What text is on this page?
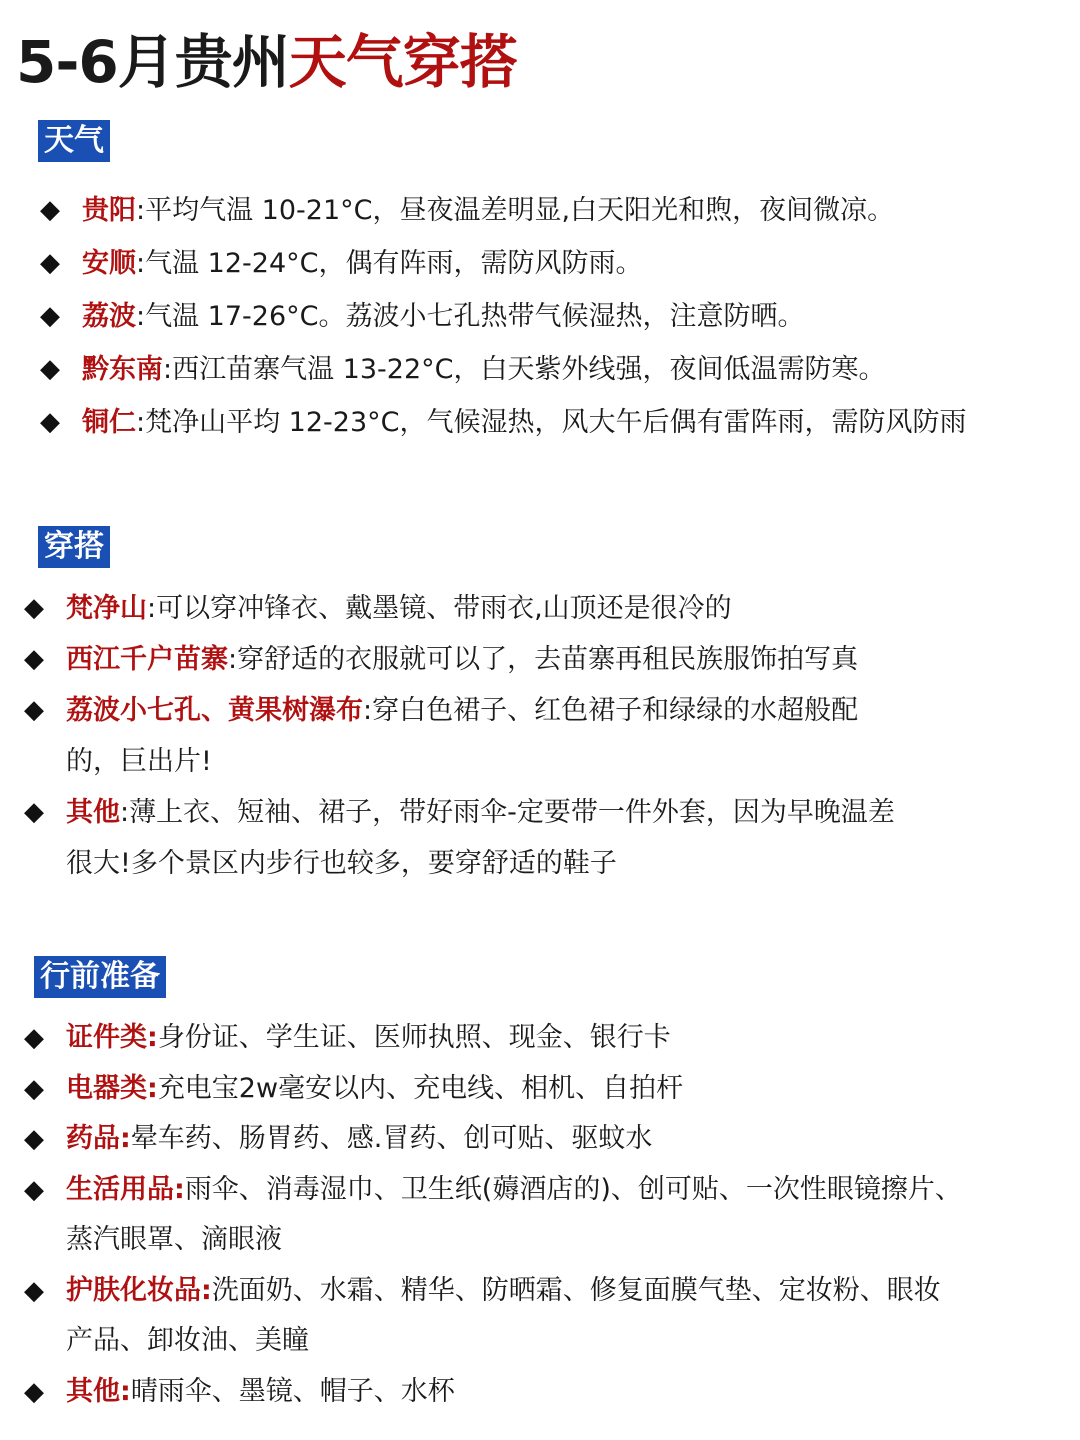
5-6月贵州天气穿搭
天气
◆ 贵阳:平均气温 10-21°C，昼夜温差明显,白天阳光和煦，夜间微凉。
◆ 安顺:气温 12-24°C，偶有阵雨，需防风防雨。
◆ 荔波:气温 17-26°C。荔波小七孔热带气候湿热，注意防晒。
◆ 黔东南:西江苗寨气温 13-22°C，白天紫外线强，夜间低温需防寒。
◆ 铜仁:梵净山平均 12-23°C，气候湿热，风大午后偶有雷阵雨，需防风防雨
穿搭
◆ 梵净山:可以穿冲锋衣、戴墨镜、带雨衣,山顶还是很冷的
◆ 西江千户苗寨:穿舒适的衣服就可以了，去苗寨再租民族服饰拍写真
◆ 荔波小七孔、黄果树瀑布:穿白色裙子、红色裙子和绿绿的水超般配
的，巨出片!
◆ 其他:薄上衣、短袖、裙子，带好雨伞-定要带一件外套，因为早晚温差
很大!多个景区内步行也较多，要穿舒适的鞋子
行前准备
◆ 证件类:身份证、学生证、医师执照、现金、银行卡
◆ 电器类:充电宝2w毫安以内、充电线、相机、自拍杆
◆ 药品:晕车药、肠胃药、感.冒药、创可贴、驱蚊水
◆ 生活用品:雨伞、消毒湿巾、卫生纸(薅酒店的)、创可贴、一次性眼镜擦片、
蒸汽眼罩、滴眼液
◆ 护肤化妆品:洗面奶、水霜、精华、防晒霜、修复面膜气垫、定妆粉、眼妆
产品、卸妆油、美瞳
◆ 其他:晴雨伞、墨镜、帽子、水杯
